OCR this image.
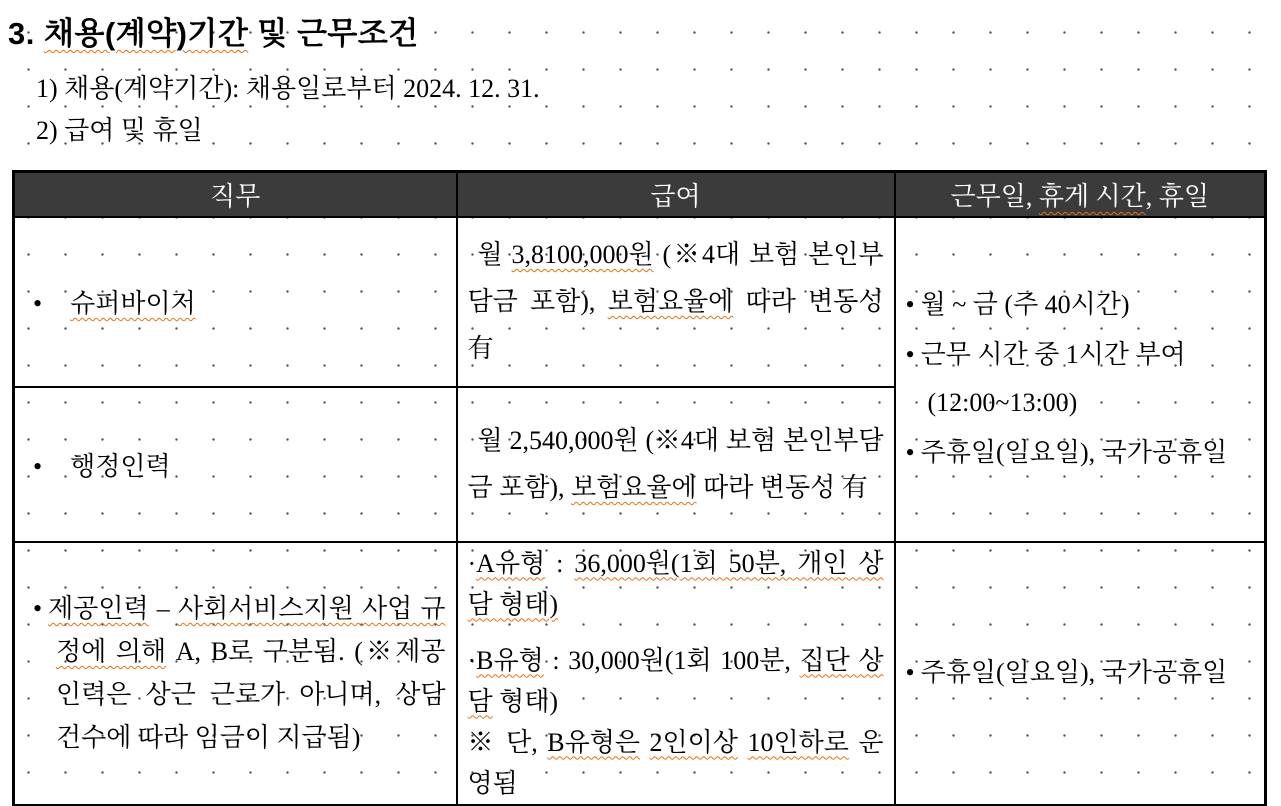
3. 채용(계약)기간 및 근무조건
1) 채용(계약기간): 채용일로부터 2024. 12. 31.
2) 급여 및 휴일
직무	급여	근무일, 휴게 시간, 휴일

• 슈퍼바이저	월 3,8100,000원 (※4대 보험 본인부담금 포함), 보험요율에 따라 변동성 有	• 월 ~ 금 (주 40시간)
• 근무 시간 중 1시간 부여(12:00~13:00)
• 주휴일(일요일), 국가공휴일

• 행정인력	월 2,540,000원 (※4대 보험 본인부담금 포함), 보험요율에 따라 변동성 有	

• 제공인력 – 사회서비스지원 사업 규정에 의해 A, B로 구분됨. (※제공 인력은 상근 근로가 아니며, 상담 건수에 따라 임금이 지급됨)	·A유형 : 36,000원(1회 50분, 개인 상담 형태)
·B유형 : 30,000원(1회 100분, 집단 상담 형태)
※ 단, B유형은 2인이상 10인하로 운영됨	• 주휴일(일요일), 국가공휴일
